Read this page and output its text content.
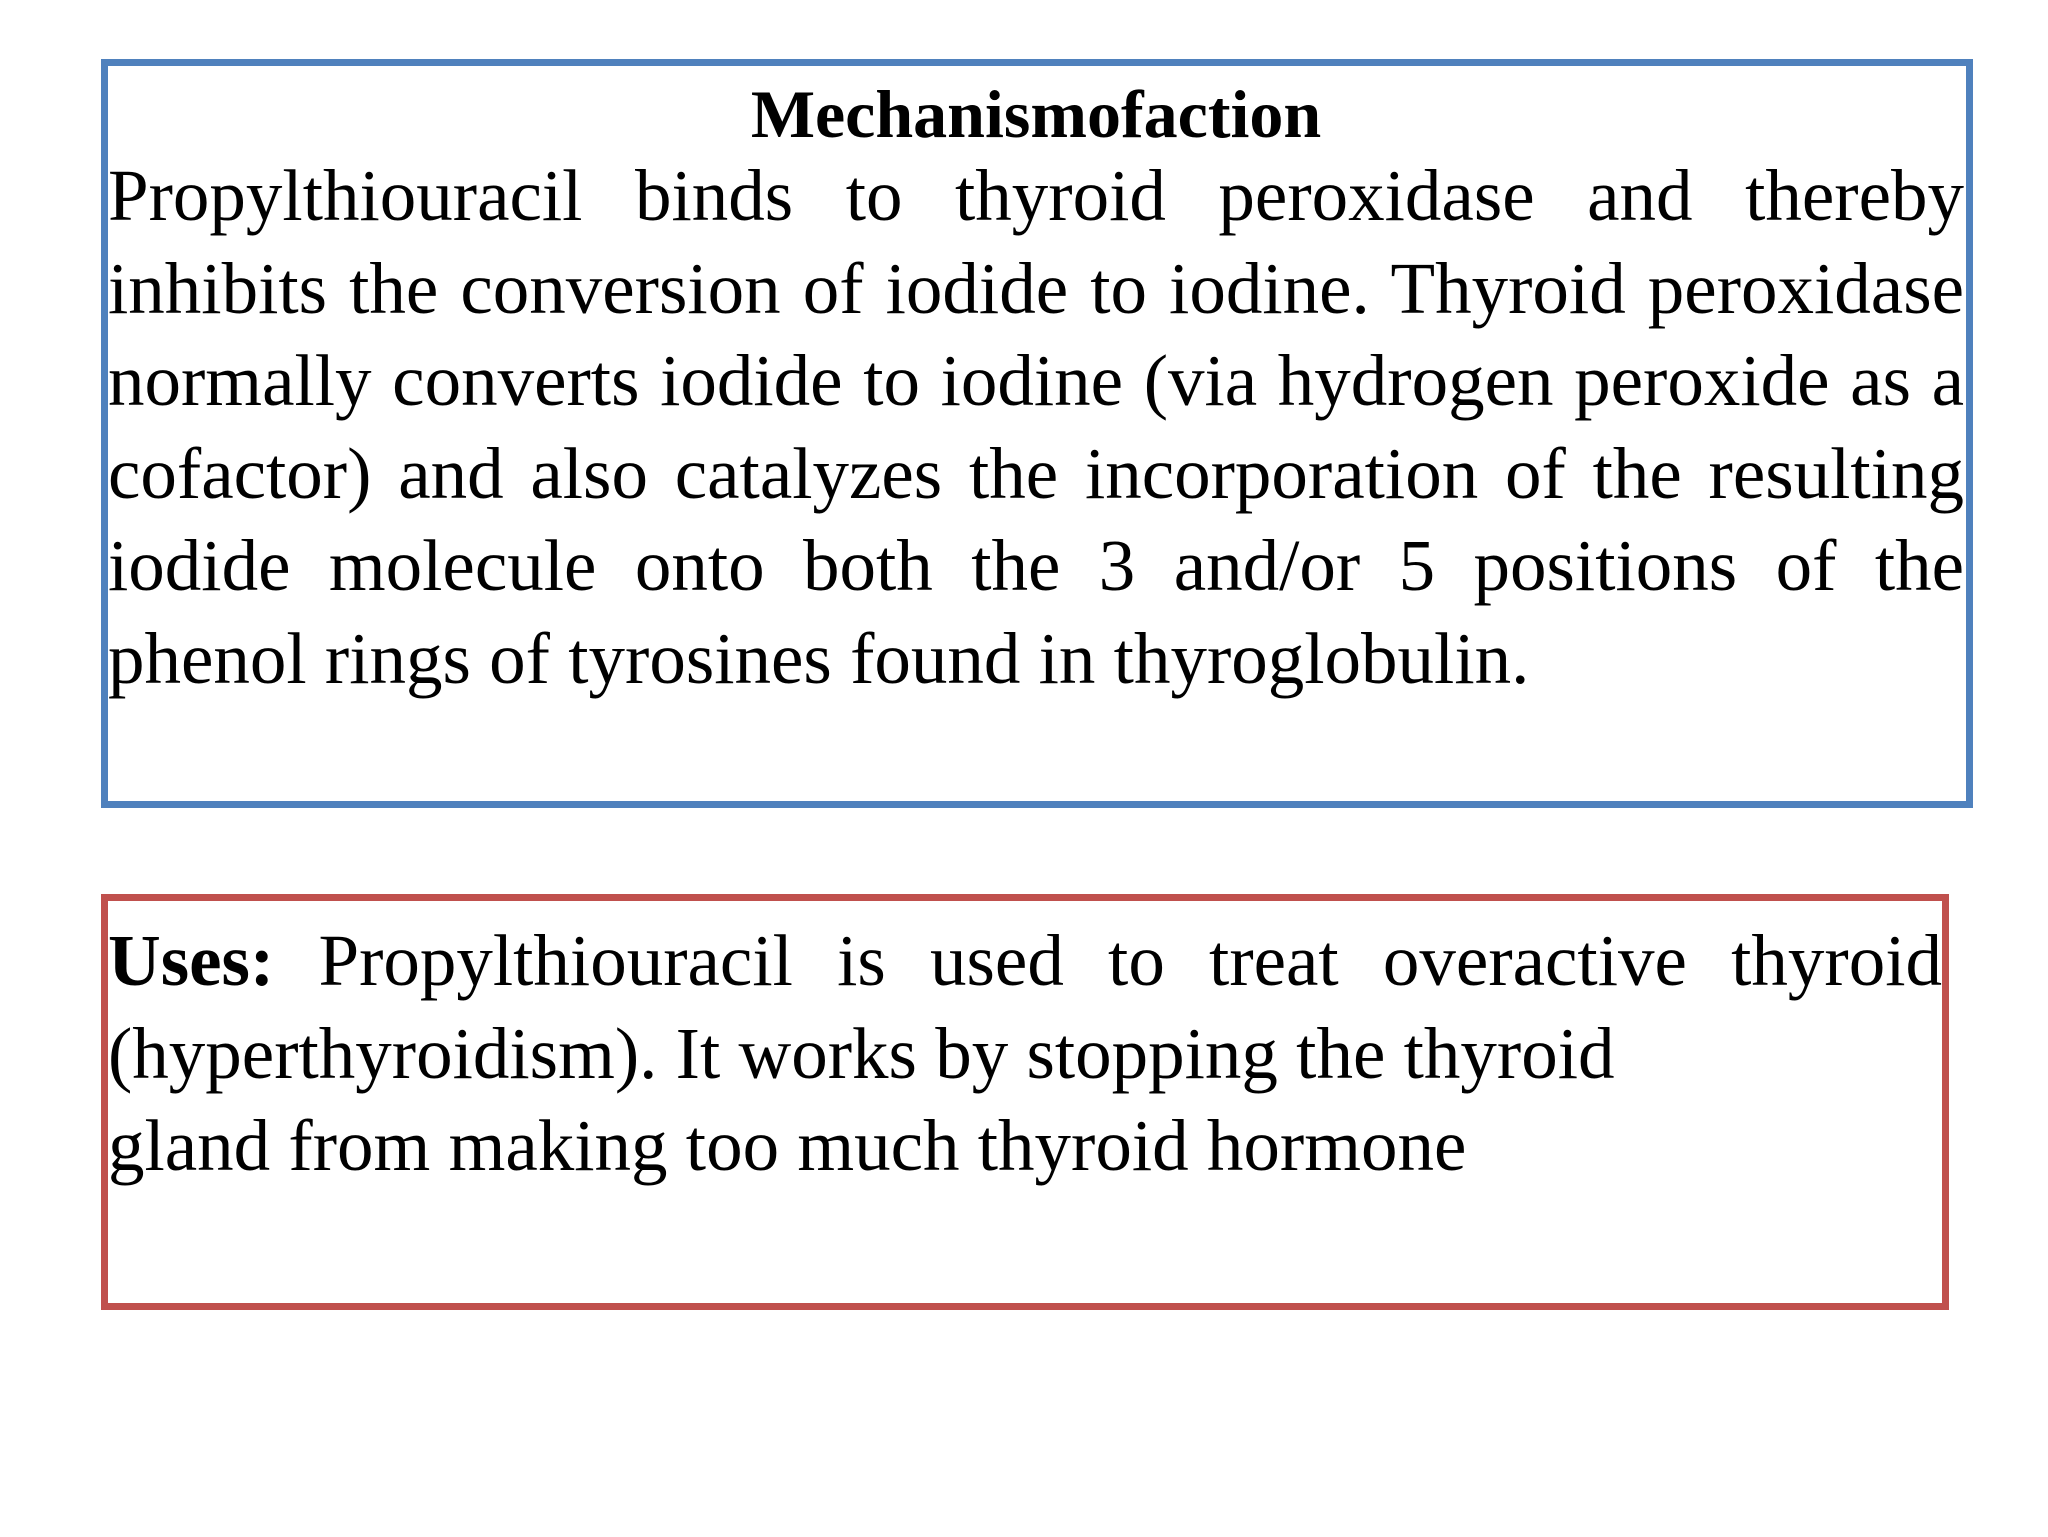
Mechanismofaction

Propylthiouracil binds to thyroid peroxidase and thereby inhibits the conversion of iodide to iodine. Thyroid peroxidase normally converts iodide to iodine (via hydrogen peroxide as a cofactor) and also catalyzes the incorporation of the resulting iodide molecule onto both the 3 and/or 5 positions of the phenol rings of tyrosines found in thyroglobulin.

Uses: Propylthiouracil is used to treat overactive thyroid
(hyperthyroidism). It works by stopping the thyroid
gland from making too much thyroid hormone
